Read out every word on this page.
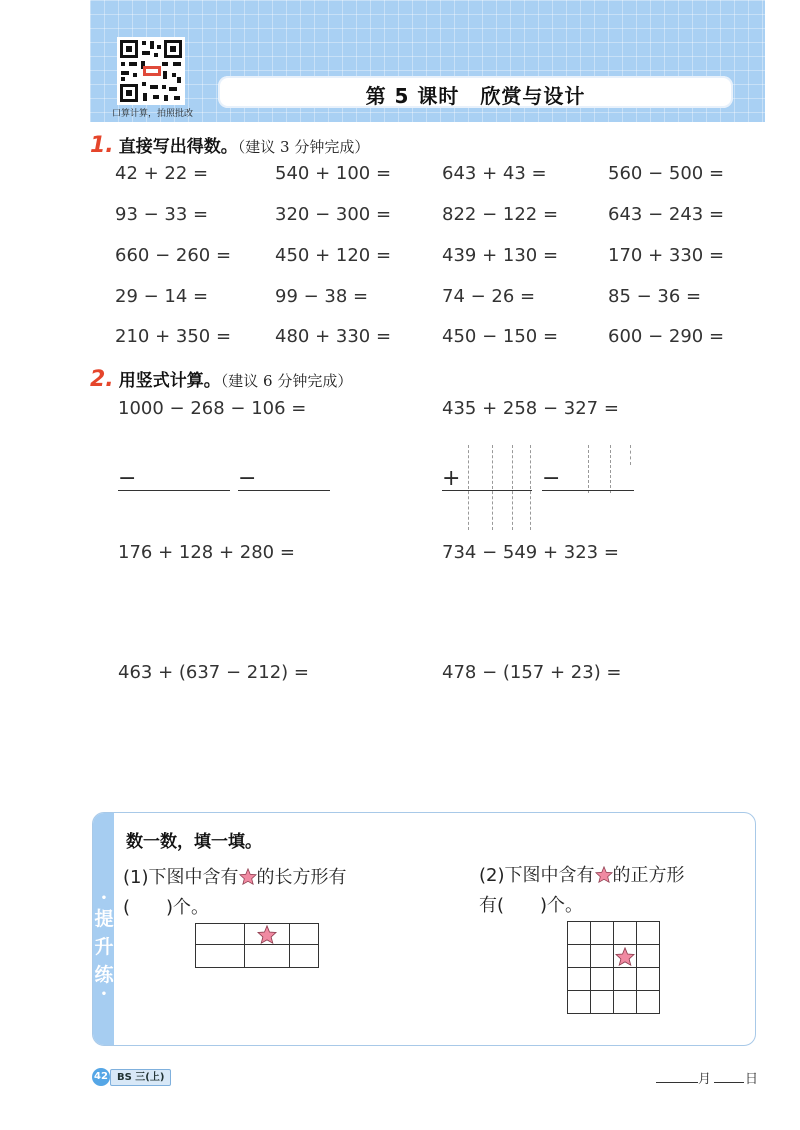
口算计算，拍照批改
第 5 课时　欣赏与设计
1. 直接写出得数。（建议 3 分钟完成）
42 + 22 =	540 + 100 =	643 + 43 =	560 − 500 =
93 − 33 =	320 − 300 =	822 − 122 =	643 − 243 =
660 − 260 = 450 + 120 =	439 + 130 =	170 + 330 =
29 − 14 =	99 − 38 =	74 − 26 =	85 − 36 =
210 + 350 = 480 + 330 =	450 − 150 =	600 − 290 =
2. 用竖式计算。（建议 6 分钟完成）
1000 − 268 − 106 =	435 + 258 − 327 =
−	−	+	−
176 + 128 + 280 =	734 − 549 + 323 =
463 + (637 − 212) =	478 − (157 + 23) =
•
提
升
练
•
数一数，填一填。
(1)下图中含有 的长方形有
(　　)个。

(2)下图中含有 的正方形
有(　　)个。

42 BS 三(上)	月	日
